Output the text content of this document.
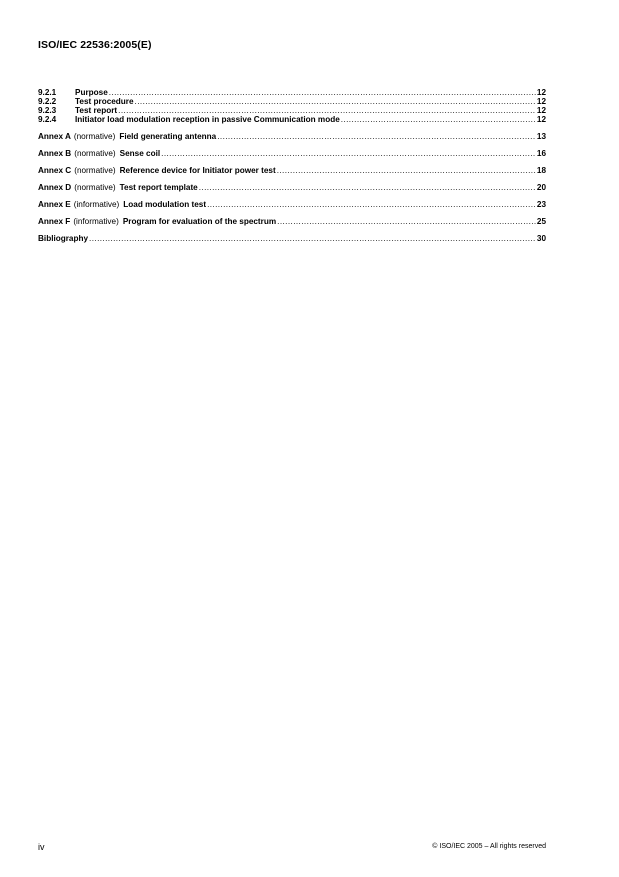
ISO/IEC 22536:2005(E)
9.2.1	Purpose .....	12
9.2.2	Test procedure .....	12
9.2.3	Test report .....	12
9.2.4	Initiator load modulation reception in passive Communication mode .....	12
Annex A (normative) Field generating antenna .....	13
Annex B (normative) Sense coil .....	16
Annex C (normative) Reference device for Initiator power test .....	18
Annex D (normative) Test report template .....	20
Annex E (informative) Load modulation test .....	23
Annex F (informative) Program for evaluation of the spectrum .....	25
Bibliography .....	30
iv	© ISO/IEC 2005 – All rights reserved
